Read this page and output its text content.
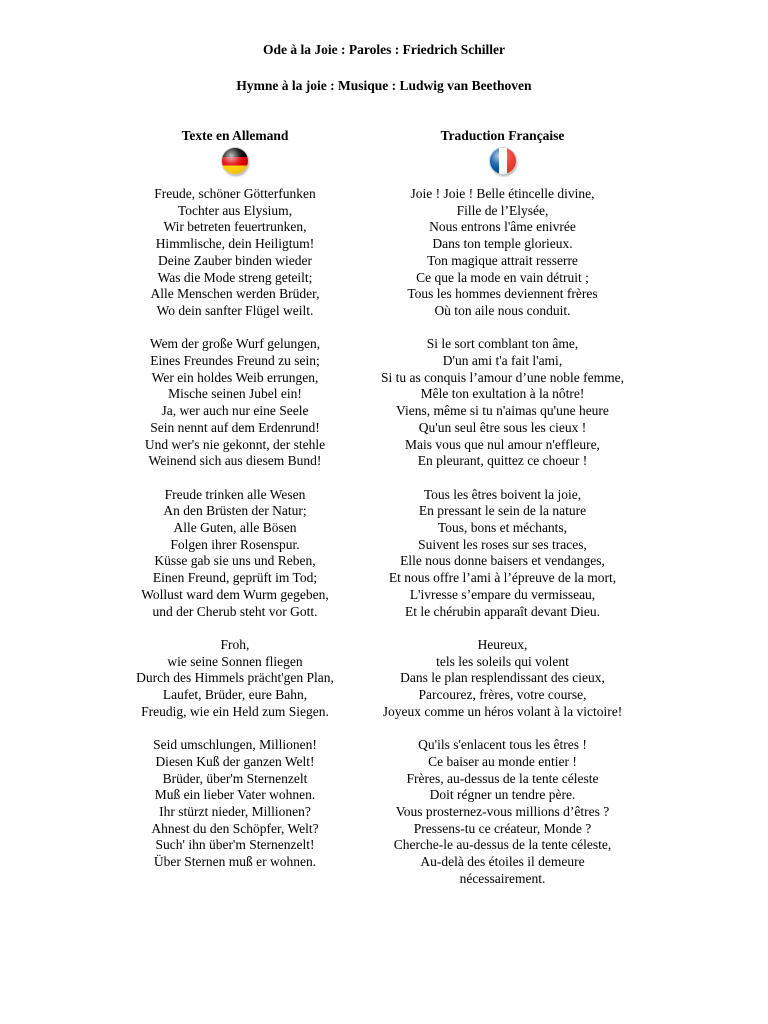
Ode à la Joie : Paroles : Friedrich Schiller
Hymne à la joie : Musique : Ludwig van Beethoven
Texte en Allemand
Freude, schöner Götterfunken
Tochter aus Elysium,
Wir betreten feuertrunken,
Himmlische, dein Heiligtum!
Deine Zauber binden wieder
Was die Mode streng geteilt;
Alle Menschen werden Brüder,
Wo dein sanfter Flügel weilt.
Wem der große Wurf gelungen,
Eines Freundes Freund zu sein;
Wer ein holdes Weib errungen,
Mische seinen Jubel ein!
Ja, wer auch nur eine Seele
Sein nennt auf dem Erdenrund!
Und wer's nie gekonnt, der stehle
Weinend sich aus diesem Bund!
Freude trinken alle Wesen
An den Brüsten der Natur;
Alle Guten, alle Bösen
Folgen ihrer Rosenspur.
Küsse gab sie uns und Reben,
Einen Freund, geprüft im Tod;
Wollust ward dem Wurm gegeben,
und der Cherub steht vor Gott.
Froh,
wie seine Sonnen fliegen
Durch des Himmels prächt'gen Plan,
Laufet, Brüder, eure Bahn,
Freudig, wie ein Held zum Siegen.
Seid umschlungen, Millionen!
Diesen Kuß der ganzen Welt!
Brüder, über'm Sternenzelt
Muß ein lieber Vater wohnen.
Ihr stürzt nieder, Millionen?
Ahnest du den Schöpfer, Welt?
Such' ihn über'm Sternenzelt!
Über Sternen muß er wohnen.
Traduction Française
Joie ! Joie ! Belle étincelle divine,
Fille de l’Elysée,
Nous entrons l'âme enivrée
Dans ton temple glorieux.
Ton magique attrait resserre
Ce que la mode en vain détruit ;
Tous les hommes deviennent frères
Où ton aile nous conduit.
Si le sort comblant ton âme,
D'un ami t'a fait l'ami,
Si tu as conquis l’amour d’une noble femme,
Mêle ton exultation à la nôtre!
Viens, même si tu n'aimas qu'une heure
Qu'un seul être sous les cieux !
Mais vous que nul amour n'effleure,
En pleurant, quittez ce choeur !
Tous les êtres boivent la joie,
En pressant le sein de la nature
Tous, bons et méchants,
Suivent les roses sur ses traces,
Elle nous donne baisers et vendanges,
Et nous offre l’ami à l’épreuve de la mort,
L'ivresse s’empare du vermisseau,
Et le chérubin apparaît devant Dieu.
Heureux,
tels les soleils qui volent
Dans le plan resplendissant des cieux,
Parcourez, frères, votre course,
Joyeux comme un héros volant à la victoire!
Qu'ils s'enlacent tous les êtres !
Ce baiser au monde entier !
Frères, au-dessus de la tente céleste
Doit régner un tendre père.
Vous prosternez-vous millions d’êtres ?
Pressens-tu ce créateur, Monde ?
Cherche-le au-dessus de la tente céleste,
Au-delà des étoiles il demeure
nécessairement.
